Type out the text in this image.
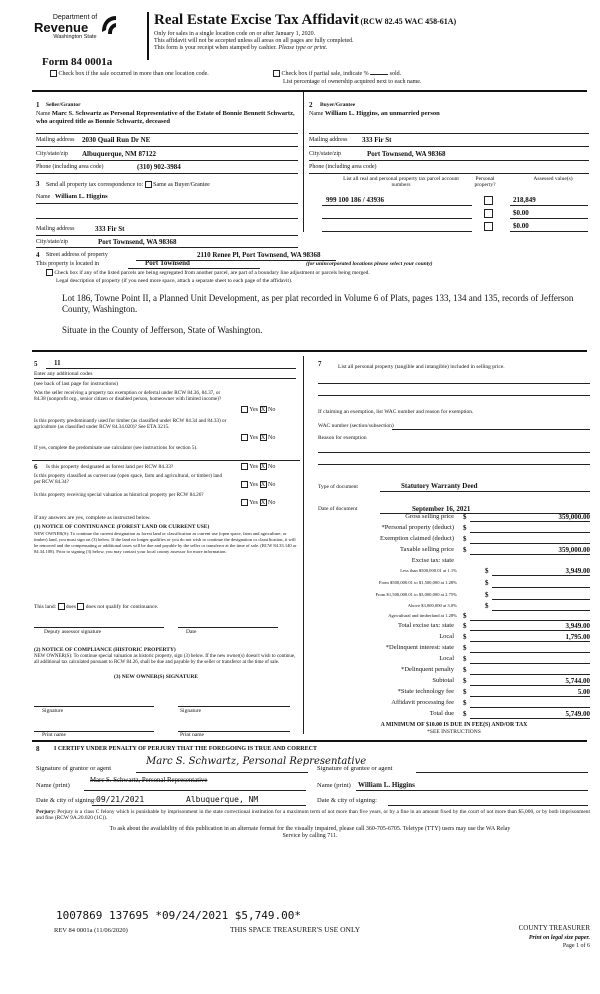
Department of
Revenue
Washington State
Real Estate Excise Tax Affidavit (RCW 82.45 WAC 458-61A)
Only for sales in a single location code on or after January 1, 2020.
This affidavit will not be accepted unless all areas on all pages are fully completed.
This form is your receipt when stamped by cashier. Please type or print.
Form 84 0001a
Check box if the sale occurred in more than one location code.	Check box if partial sale, indicate %	sold.
List percentage of ownership acquired next to each name.
1 Seller/Grantor
Name Marc S. Schwartz as Personal Representative of the Estate of Bonnie Bennett Schwartz, who acquired title as Bonnie Schwartz, deceased
Mailing address 2030 Quail Run Dr NE
City/state/zip Albuquerque, NM 87122
Phone (including area code)	(310) 902-3984
2 Buyer/Grantee
Name William L. Higgins, an unmarried person
Mailing address 333 Fir St
City/state/zip	Port Townsend, WA 98368
Phone (including area code)
3 Send all property tax correspondence to: Same as Buyer/Grantee
Name William L. Higgins
Mailing address	333 Fir St
City/state/zip	Port Townsend, WA 98368
List all real and personal property tax parcel account numbers
Personal property?
Assessed value(s)
999 100 186 / 43936	218,849
$0.00
$0.00
4 Street address of property	2110 Renee Pl, Port Townsend, WA 98368
This property is located in	Port Townsend	(for unincorporated locations please select your county)
Check box if any of the listed parcels are being segregated from another parcel, are part of a boundary line adjustment or parcels being merged.
Legal description of property (if you need more space, attach a separate sheet to each page of the affidavit).
Lot 186, Towne Point II, a Planned Unit Development, as per plat recorded in Volume 6 of Plats, pages 133, 134 and 135, records of Jefferson County, Washington.
Situate in the County of Jefferson, State of Washington.
5 11
Enter any additional codes
(see back of last page for instructions)
Was the seller receiving a property tax exemption or deferral under RCW 84.36, 84.37, or 84.38 (nonprofit org., senior citizen or disabled person, homeowner with limited income)?
Yes X No
Is this property predominantly used for timber (as classified under RCW 84.34 and 84.33) or agriculture (as classified under RCW 84.34.020)? See ETA 3215.
Yes X No
If yes, complete the predominate use calculator (see instructions for section 5).
6 Is this property designated as forest land per RCW 84.33?	Yes X No
Is this property classified as current use (open space, farm and agricultural, or timber) land per RCW 84.34?	Yes X No
Is this property receiving special valuation as historical property per RCW 84.26?
Yes X No
If any answers are yes, complete as instructed below.
(1) NOTICE OF CONTINUANCE (FOREST LAND OR CURRENT USE)
NEW OWNER(S): To continue the current designation as forest land or classification as current use (open space, farm and agriculture, or timber) land, you must sign on (3) below. If the land no longer qualifies or you do not wish to continue the designation or classification, it will be removed and the compensating or additional taxes will be due and payable by the seller or transferor at the time of sale. (RCW 84.33.140 or 84.34.108). Prior to signing (3) below, you may contact your local county assessor for more information.
This land: does does not qualify for continuance.
Deputy assessor signature	Date
(2) NOTICE OF COMPLIANCE (HISTORIC PROPERTY)
NEW OWNER(S): To continue special valuation as historic property, sign (3) below. If the new owner(s) doesn't wish to continue, all additional tax calculated pursuant to RCW 84.26, shall be due and payable by the seller or transferor at the time of sale.
(3) NEW OWNER(S) SIGNATURE
Signature	Signature
Print name	Print name
7	List all personal property (tangible and intangible) included in selling price.
If claiming an exemption, list WAC number and reason for exemption.
WAC number (section/subsection)
Reason for exemption
Type of document	Statutory Warranty Deed
Date of document	September 16, 2021
Gross selling price $	359,000.00
*Personal property (deduct) $
Exemption claimed (deduct) $
Taxable selling price $	359,000.00
Excise tax: state
Less than $500,000.01 at 1.1%	$	3,949.00
From $500,000.01 to $1,500,000 at 1.28%	$
From $1,500,000.01 to $3,000,000 at 2.75%	$
Above $3,000,000 at 3.0%	$
Agricultural and timberland at 1.28% $
Total excise tax: state $	3,949.00
Local $	1,795.00
*Delinquent interest: state $
Local $
*Delinquent penalty $
Subtotal $	5,744.00
*State technology fee $	5.00
Affidavit processing fee $
Total due $	5,749.00
A MINIMUM OF $10.00 IS DUE IN FEE(S) AND/OR TAX
*SEE INSTRUCTIONS
8 I CERTIFY UNDER PENALTY OF PERJURY THAT THE FOREGOING IS TRUE AND CORRECT
Signature of grantor or agent
Marc S. Schwartz, Personal Representative
Signature of grantee or agent
Name (print)
Marc S. Schwartz, Personal Representative
Name (print) William L. Higgins
Date & city of signing: 09/21/2021	Albuquerque, NM	Date & city of signing:
Perjury: Perjury is a class C felony which is punishable by imprisonment in the state correctional institution for a maximum term of not more than five years, or by a fine in an amount fixed by the court of not more than $5,000, or by both imprisonment and fine (RCW 9A.20.020 (1C)).
To ask about the availability of this publication in an alternate format for the visually impaired, please call 360-705-6705. Teletype (TTY) users may use the WA Relay Service by calling 711.
1007869 137695 *09/24/2021 $5,749.00*
REV 84 0001a (11/06/2020)	THIS SPACE TREASURER'S USE ONLY	COUNTY TREASURER
Print on legal size paper.
Page 1 of 6
